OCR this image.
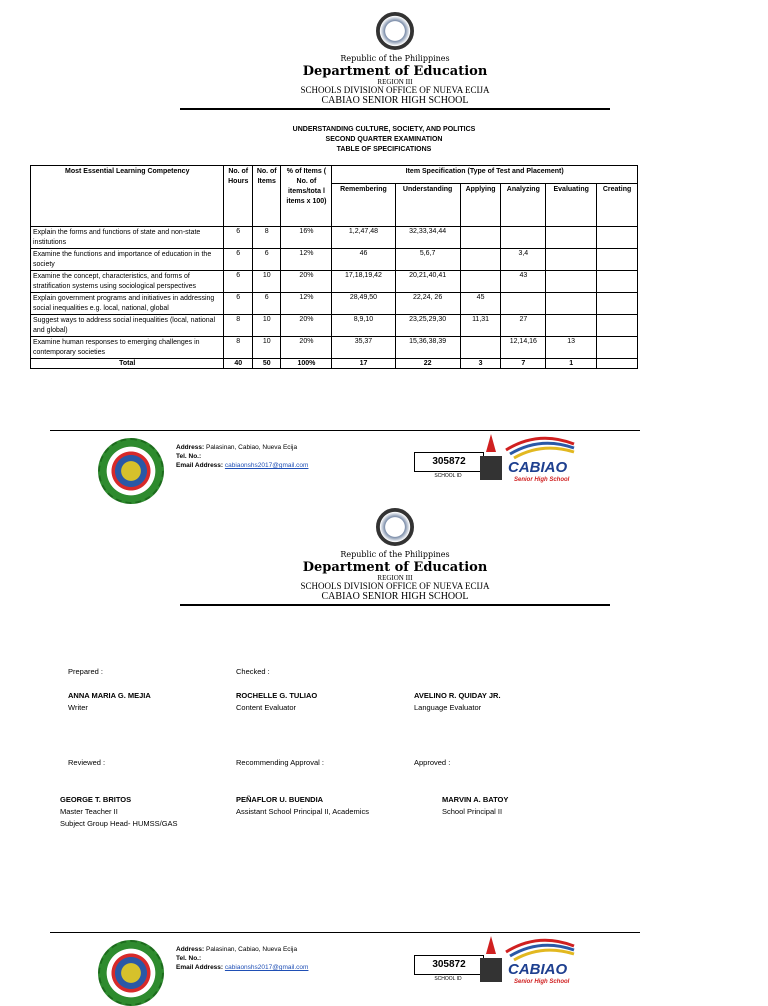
Republic of the Philippines
Department of Education
REGION III
SCHOOLS DIVISION OFFICE OF NUEVA ECIJA
CABIAO SENIOR HIGH SCHOOL
UNDERSTANDING CULTURE, SOCIETY, AND POLITICS
SECOND QUARTER EXAMINATION
TABLE OF SPECIFICATIONS
Most Essential Learning Competency	No. of Hours	No. of Items	% of Items ( No. of items/tota l items x 100)	Item Specification (Type of Test and Placement)					
				Remembering	Understanding	Applying	Analyzing	Evaluating	Creating
Explain the forms and functions of state and non-state institutions	6	8	16%	1,2,47,48	32,33,34,44				
Examine the functions and importance of education in the society	6	6	12%	46	5,6,7		3,4		
Examine the concept, characteristics, and forms of stratification systems using sociological perspectives	6	10	20%	17,18,19,42	20,21,40,41		43		
Explain government programs and initiatives in addressing social inequalities e.g. local, national, global	6	6	12%	28,49,50	22,24, 26	45			
Suggest ways to address social inequalities (local, national and global)	8	10	20%	8,9,10	23,25,29,30	11,31	27		
Examine human responses to emerging challenges in contemporary societies	8	10	20%	35,37	15,36,38,39		12,14,16	13	
Total	40	50	100%	17	22	3	7	1	
Address: Palasinan, Cabiao, Nueva Ecija
Tel. No.:
Email Address: cabiaonshs2017@gmail.com	305872
SCHOOL ID	CABIAO
Senior High School
Republic of the Philippines
Department of Education
REGION III
SCHOOLS DIVISION OFFICE OF NUEVA ECIJA
CABIAO SENIOR HIGH SCHOOL
Prepared :	Checked :
ANNA MARIA G. MEJIA
Writer
ROCHELLE G. TULIAO
Content Evaluator
AVELINO R. QUIDAY JR.
Language Evaluator
Reviewed :	Recommending Approval :	Approved :
GEORGE T. BRITOS
Master Teacher II
Subject Group Head- HUMSS/GAS
PEÑAFLOR U. BUENDIA
Assistant School Principal II, Academics
MARVIN A. BATOY
School Principal II
Address: Palasinan, Cabiao, Nueva Ecija
Tel. No.:
Email Address: cabiaonshs2017@gmail.com	305872
SCHOOL ID
CABIAO
Senior High School
